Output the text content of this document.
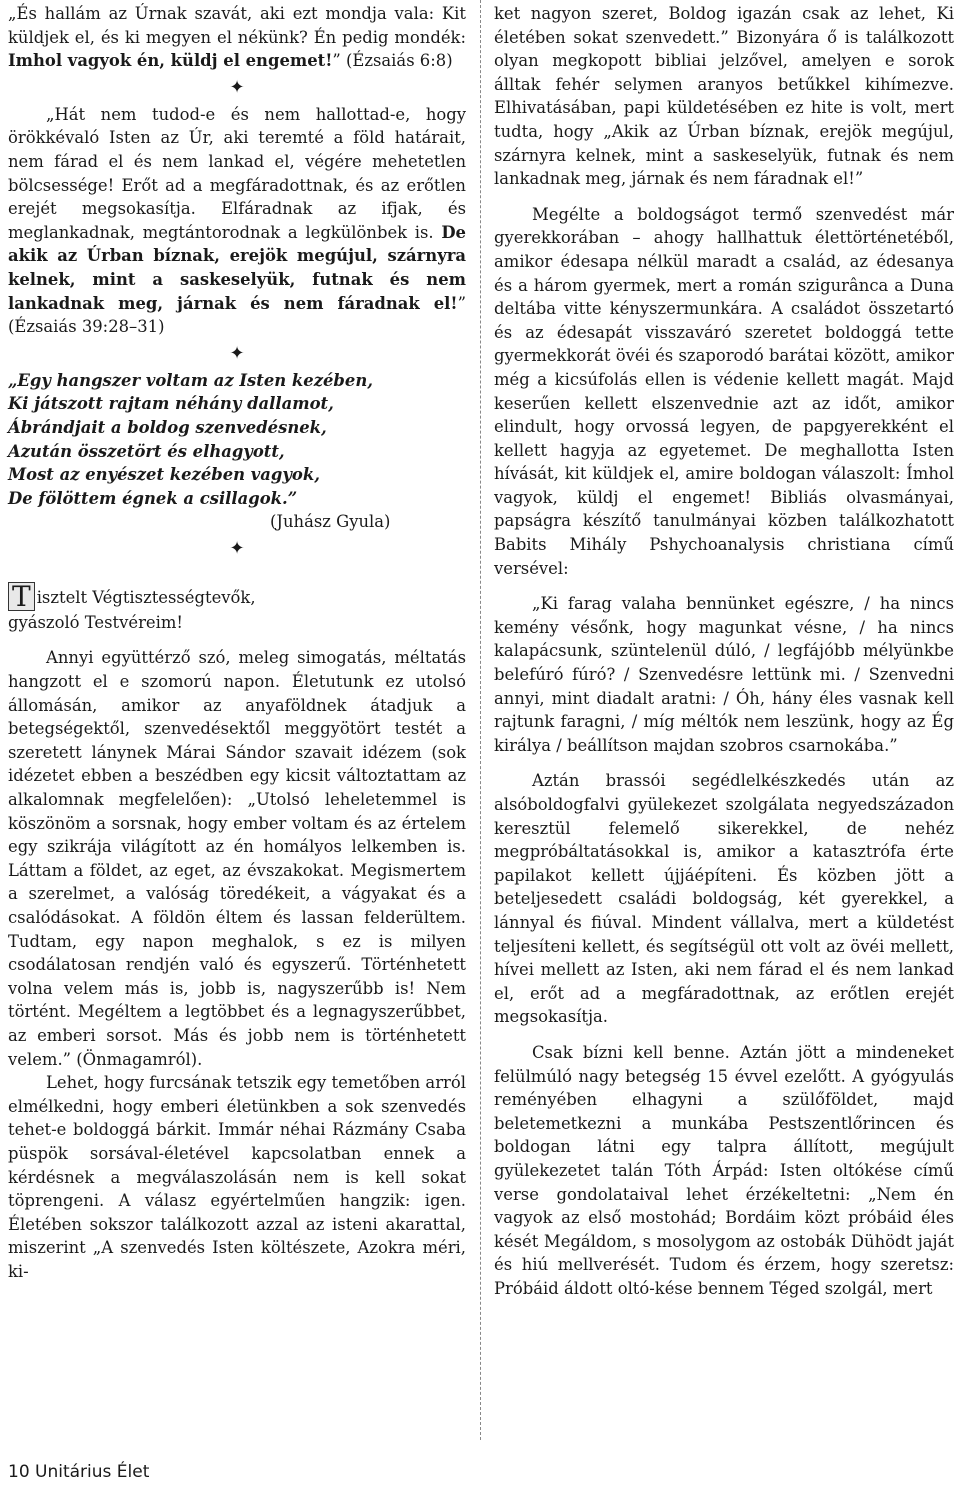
„És hallám az Úrnak szavát, aki ezt mondja vala: Kit küldjek el, és ki megyen el nékünk? Én pedig mondék: Imhol vagyok én, küldj el engemet!” (Ézsaiás 6:8)

✦

„Hát nem tudod-e és nem hallottad-e, hogy örökkévaló Isten az Úr, aki teremté a föld határait, nem fárad el és nem lankad el, végére mehetetlen bölcsessége! Erőt ad a megfáradottnak, és az erőtlen erejét megsokasítja. Elfáradnak az ifjak, és meglankadnak, megtántorodnak a legkülönbek is. De akik az Úrban bíznak, erejök megújul, szárnyra kelnek, mint a saskeselyük, futnak és nem lankadnak meg, járnak és nem fáradnak el!” (Ézsaiás 39:28–31)

✦

„Egy hangszer voltam az Isten kezében,
Ki játszott rajtam néhány dallamot,
Ábrándjait a boldog szenvedésnek,
Azután összetört és elhagyott,
Most az enyészet kezében vagyok,
De fölöttem égnek a csillagok.”

(Juhász Gyula)

✦

T isztelt Végtisztességtevők,
gyászoló Testvéreim!

Annyi együttérző szó, meleg simogatás, méltatás hangzott el e szomorú napon. Életutunk ez utolsó állomásán, amikor az anyaföldnek átadjuk a betegségektől, szenvedésektől meggyötört testét a szeretett lánynek Márai Sándor szavait idézem (sok idézetet ebben a beszédben egy kicsit változtattam az alkalomnak megfelelően): „Utolsó leheletemmel is köszönöm a sorsnak, hogy ember voltam és az értelem egy szikrája világított az én homályos lelkemben is. Láttam a földet, az eget, az évszakokat. Megismertem a szerelmet, a valóság töredékeit, a vágyakat és a csalódásokat. A földön éltem és lassan felderültem. Tudtam, egy napon meghalok, s ez is milyen csodálatosan rendjén való és egyszerű. Történhetett volna velem más is, jobb is, nagyszerűbb is! Nem történt. Megéltem a legtöbbet és a legnagyszerűbbet, az emberi sorsot. Más és jobb nem is történhetett velem.” (Önmagamról).

Lehet, hogy furcsának tetszik egy temetőben arról elmélkedni, hogy emberi életünkben a sok szenvedés tehet-e boldoggá bárkit. Immár néhai Rázmány Csaba püspök sorsával-életével kapcsolatban ennek a kérdésnek a megválaszolásán nem is kell sokat töprengeni. A válasz egyértelműen hangzik: igen. Életében sokszor találkozott azzal az isteni akarattal, miszerint „A szenvedés Isten költészete, Azokra méri, ki-

ket nagyon szeret, Boldog igazán csak az lehet, Ki életében sokat szenvedett.” Bizonyára ő is találkozott olyan megkopott bibliai jelzővel, amelyen e sorok álltak fehér selymen aranyos betűkkel kihímezve. Elhivatásában, papi küldetésében ez hite is volt, mert tudta, hogy „Akik az Úrban bíznak, erejök megújul, szárnyra kelnek, mint a saskeselyük, futnak és nem lankadnak meg, járnak és nem fáradnak el!”

Megélte a boldogságot termő szenvedést már gyerekkorában – ahogy hallhattuk élettörténetéből, amikor édesapa nélkül maradt a család, az édesanya és a három gyermek, mert a román szigurânca a Duna deltába vitte kényszermunkára. A családot összetartó és az édesapát visszaváró szeretet boldoggá tette gyermekkorát övéi és szaporodó barátai között, amikor még a kicsúfolás ellen is védenie kellett magát. Majd keserűen kellett elszenvednie azt az időt, amikor elindult, hogy orvossá legyen, de papgyerekként el kellett hagyja az egyetemet. De meghallotta Isten hívását, kit küldjek el, amire boldogan válaszolt: Ímhol vagyok, küldj el engemet! Bibliás olvasmányai, papságra készítő tanulmányai közben találkozhatott Babits Mihály Pshychoanalysis christiana című versével:

„Ki farag valaha bennünket egészre, / ha nincs kemény vésőnk, hogy magunkat vésne, / ha nincs kalapácsunk, szüntelenül dúló, / legfájóbb mélyünkbe belefúró fúró? / Szenvedésre lettünk mi. / Szenvedni annyi, mint diadalt aratni: / Óh, hány éles vasnak kell rajtunk faragni, / míg méltók nem leszünk, hogy az Ég királya / beállítson majdan szobros csarnokába.”

Aztán brassói segédlelkészkedés után az alsóboldogfalvi gyülekezet szolgálata negyedszázadon keresztül felemelő sikerekkel, de nehéz megpróbáltatásokkal is, amikor a katasztrófa érte papilakot kellett újjáépíteni. És közben jött a beteljesedett családi boldogság, két gyerekkel, a lánnyal és fiúval. Mindent vállalva, mert a küldetést teljesíteni kellett, és segítségül ott volt az övéi mellett, hívei mellett az Isten, aki nem fárad el és nem lankad el, erőt ad a megfáradottnak, az erőtlen erejét megsokasítja.

Csak bízni kell benne. Aztán jött a mindeneket felülmúló nagy betegség 15 évvel ezelőtt. A gyógyulás reményében elhagyni a szülőföldet, majd beletemetkezni a munkába Pestszentlőrincen és boldogan látni egy talpra állított, megújult gyülekezetet talán Tóth Árpád: Isten oltókése című verse gondolataival lehet érzékeltetni: „Nem én vagyok az első mostohád; Bordáim közt próbáid éles kését Megáldom, s mosolygom az ostobák Dühödt jaját és hiú mellverését. Tudom és érzem, hogy szeretsz: Próbáid áldott oltó-kése bennem Téged szolgál, mert

10 Unitárius Élet
